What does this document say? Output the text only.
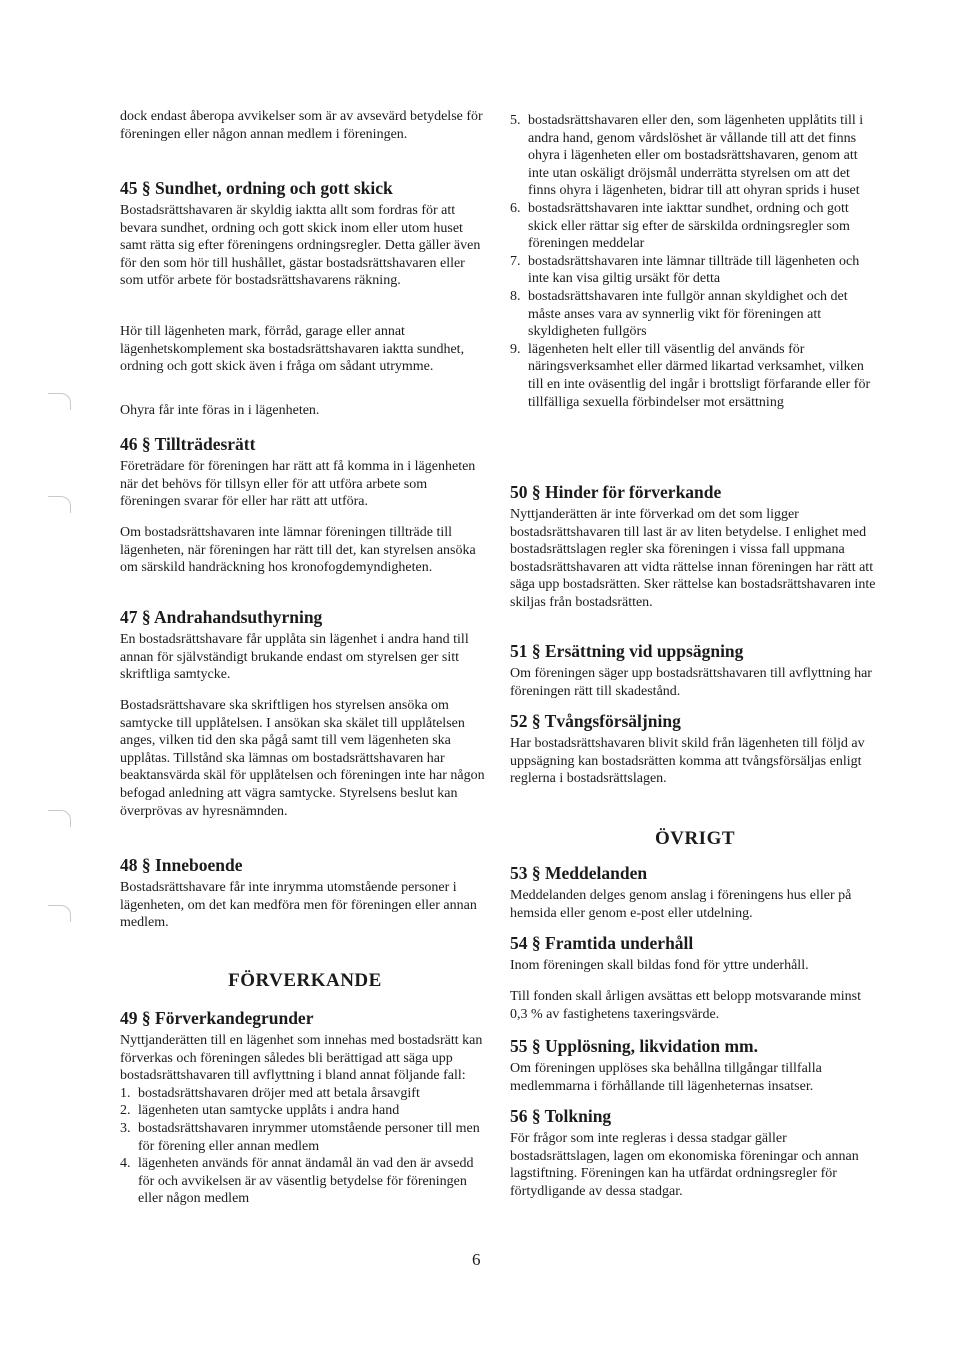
dock endast åberopa avvikelser som är av avsevärd betydelse för föreningen eller någon annan medlem i föreningen.

45 § Sundhet, ordning och gott skick

Bostadsrättshavaren är skyldig iaktta allt som fordras för att bevara sundhet, ordning och gott skick inom eller utom huset samt rätta sig efter föreningens ordningsregler. Detta gäller även för den som hör till hushållet, gästar bostadsrättshavaren eller som utför arbete för bostadsrättshavarens räkning.

Hör till lägenheten mark, förråd, garage eller annat lägenhetskomplement ska bostadsrättshavaren iaktta sundhet, ordning och gott skick även i fråga om sådant utrymme.

Ohyra får inte föras in i lägenheten.

46 § Tillträdesrätt

Företrädare för föreningen har rätt att få komma in i lägenheten när det behövs för tillsyn eller för att utföra arbete som föreningen svarar för eller har rätt att utföra.

Om bostadsrättshavaren inte lämnar föreningen tillträde till lägenheten, när föreningen har rätt till det, kan styrelsen ansöka om särskild handräckning hos kronofogdemyndigheten.

47 § Andrahandsuthyrning

En bostadsrättshavare får upplåta sin lägenhet i andra hand till annan för självständigt brukande endast om styrelsen ger sitt skriftliga samtycke.

Bostadsrättshavare ska skriftligen hos styrelsen ansöka om samtycke till upplåtelsen. I ansökan ska skälet till upplåtelsen anges, vilken tid den ska pågå samt till vem lägenheten ska upplåtas. Tillstånd ska lämnas om bostadsrättshavaren har beaktansvärda skäl för upplåtelsen och föreningen inte har någon befogad anledning att vägra samtycke. Styrelsens beslut kan överprövas av hyresnämnden.

48 § Inneboende

Bostadsrättshavare får inte inrymma utomstående personer i lägenheten, om det kan medföra men för föreningen eller annan medlem.

FÖRVERKANDE
49 § Förverkandegrunder

Nyttjanderätten till en lägenhet som innehas med bostadsrätt kan förverkas och föreningen således bli berättigad att säga upp bostadsrättshavaren till avflyttning i bland annat följande fall:

1. bostadsrättshavaren dröjer med att betala årsavgift
2. lägenheten utan samtycke upplåts i andra hand
3. bostadsrättshavaren inrymmer utomstående personer till men för förening eller annan medlem
4. lägenheten används för annat ändamål än vad den är avsedd för och avvikelsen är av väsentlig betydelse för föreningen eller någon medlem
5. bostadsrättshavaren eller den, som lägenheten upplåtits till i andra hand, genom vårdslöshet är vållande till att det finns ohyra i lägenheten eller om bostadsrättshavaren, genom att inte utan oskäligt dröjsmål underrätta styrelsen om att det finns ohyra i lägenheten, bidrar till att ohyran sprids i huset
6. bostadsrättshavaren inte iakttar sundhet, ordning och gott skick eller rättar sig efter de särskilda ordningsregler som föreningen meddelar
7. bostadsrättshavaren inte lämnar tillträde till lägenheten och inte kan visa giltig ursäkt för detta
8. bostadsrättshavaren inte fullgör annan skyldighet och det måste anses vara av synnerlig vikt för föreningen att skyldigheten fullgörs
9. lägenheten helt eller till väsentlig del används för näringsverksamhet eller därmed likartad verksamhet, vilken till en inte oväsentlig del ingår i brottsligt förfarande eller för tillfälliga sexuella förbindelser mot ersättning
50 § Hinder för förverkande

Nyttjanderätten är inte förverkad om det som ligger bostadsrättshavaren till last är av liten betydelse. I enlighet med bostadsrättslagen regler ska föreningen i vissa fall uppmana bostadsrättshavaren att vidta rättelse innan föreningen har rätt att säga upp bostadsrätten. Sker rättelse kan bostadsrättshavaren inte skiljas från bostadsrätten.

51 § Ersättning vid uppsägning

Om föreningen säger upp bostadsrättshavaren till avflyttning har föreningen rätt till skadestånd.

52 § Tvångsförsäljning

Har bostadsrättshavaren blivit skild från lägenheten till följd av uppsägning kan bostadsrätten komma att tvångsförsäljas enligt reglerna i bostadsrättslagen.

ÖVRIGT
53 § Meddelanden

Meddelanden delges genom anslag i föreningens hus eller på hemsida eller genom e-post eller utdelning.

54 § Framtida underhåll

Inom föreningen skall bildas fond för yttre underhåll.

Till fonden skall årligen avsättas ett belopp motsvarande minst 0,3 % av fastighetens taxeringsvärde.

55 § Upplösning, likvidation mm.

Om föreningen upplöses ska behållna tillgångar tillfalla medlemmarna i förhållande till lägenheternas insatser.

56 § Tolkning

För frågor som inte regleras i dessa stadgar gäller bostadsrättslagen, lagen om ekonomiska föreningar och annan lagstiftning. Föreningen kan ha utfärdat ordningsregler för förtydligande av dessa stadgar.

6
